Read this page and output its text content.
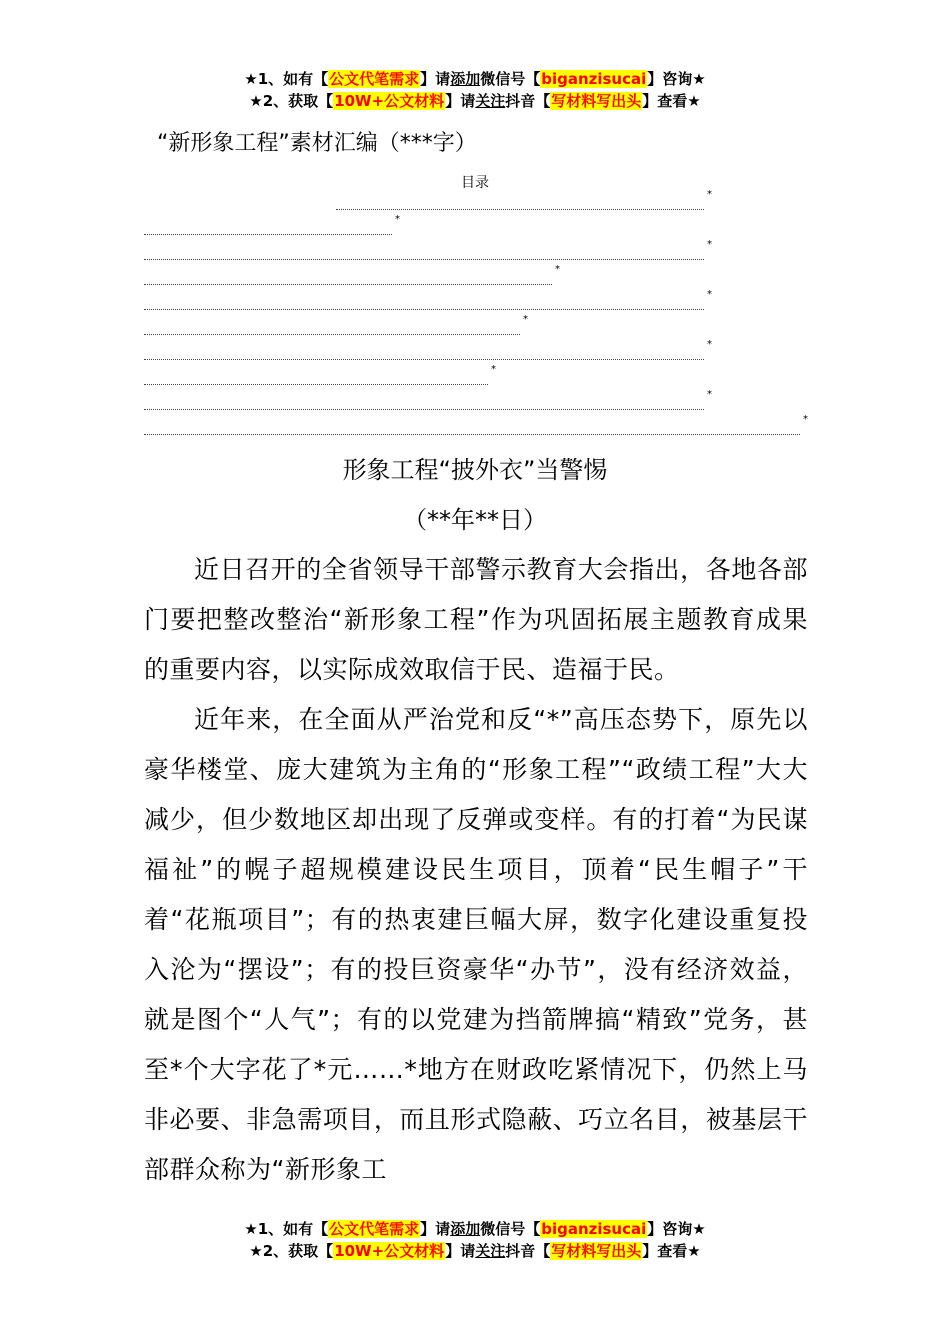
★1、如有【公文代笔需求】请添加微信号【biganzisucai】咨询★
★2、获取【10W+公文材料】请关注抖音【写材料写出头】查看★
“新形象工程”素材汇编（***字）
目录
*
*
*
*
*
*
*
*
*
*
形象工程“披外衣”当警惕
（**年**日）

近日召开的全省领导干部警示教育大会指出，各地各部门要把整改整治“新形象工程”作为巩固拓展主题教育成果的重要内容，以实际成效取信于民、造福于民。

近年来，在全面从严治党和反“*”高压态势下，原先以豪华楼堂、庞大建筑为主角的“形象工程”“政绩工程”大大减少，但少数地区却出现了反弹或变样。有的打着“为民谋福祉”的幌子超规模建设民生项目，顶着“民生帽子”干着“花瓶项目”；有的热衷建巨幅大屏，数字化建设重复投入沦为“摆设”；有的投巨资豪华“办节”，没有经济效益，就是图个“人气”；有的以党建为挡箭牌搞“精致”党务，甚至*个大字花了*元……*地方在财政吃紧情况下，仍然上马非必要、非急需项目，而且形式隐蔽、巧立名目，被基层干部群众称为“新形象工

★1、如有【公文代笔需求】请添加微信号【biganzisucai】咨询★
★2、获取【10W+公文材料】请关注抖音【写材料写出头】查看★
